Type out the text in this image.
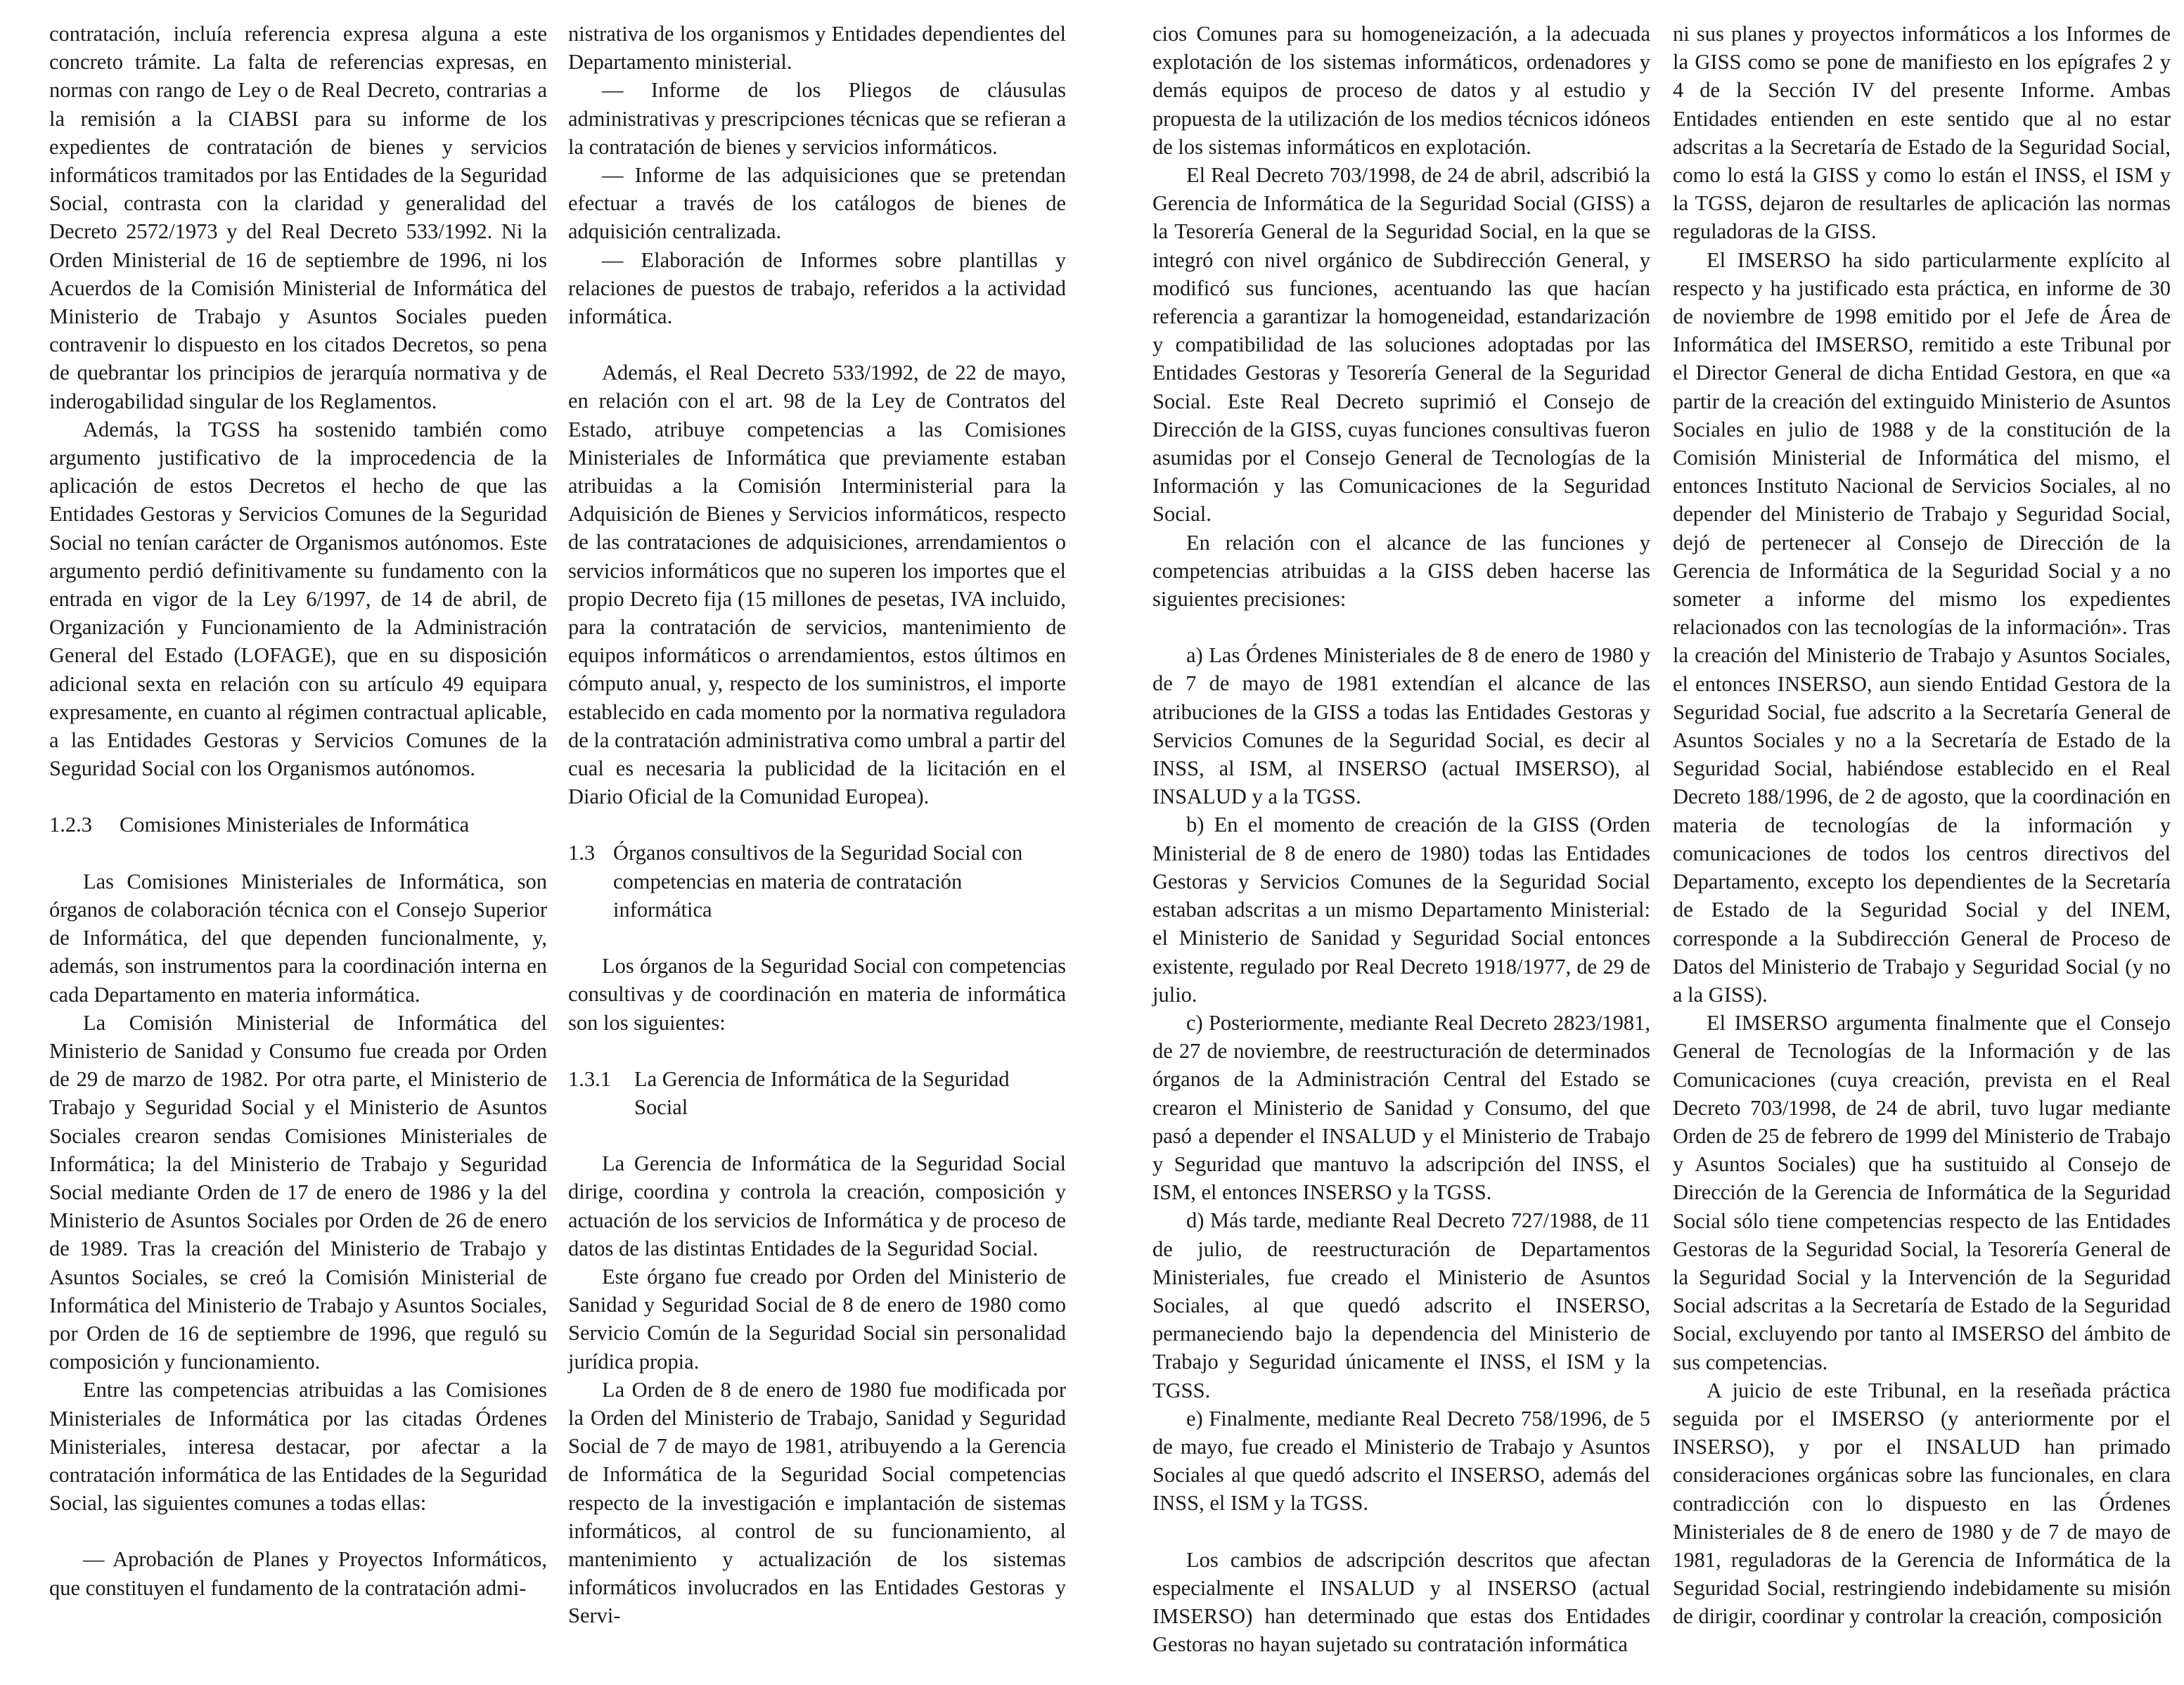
contratación, incluía referencia expresa alguna a este concreto trámite. La falta de referencias expresas, en normas con rango de Ley o de Real Decreto, contrarias a la remisión a la CIABSI para su informe de los expedientes de contratación de bienes y servicios informáticos tramitados por las Entidades de la Seguridad Social, contrasta con la claridad y generalidad del Decreto 2572/1973 y del Real Decreto 533/1992. Ni la Orden Ministerial de 16 de septiembre de 1996, ni los Acuerdos de la Comisión Ministerial de Informática del Ministerio de Trabajo y Asuntos Sociales pueden contravenir lo dispuesto en los citados Decretos, so pena de quebrantar los principios de jerarquía normativa y de inderogabilidad singular de los Reglamentos.

Además, la TGSS ha sostenido también como argumento justificativo de la improcedencia de la aplicación de estos Decretos el hecho de que las Entidades Gestoras y Servicios Comunes de la Seguridad Social no tenían carácter de Organismos autónomos. Este argumento perdió definitivamente su fundamento con la entrada en vigor de la Ley 6/1997, de 14 de abril, de Organización y Funcionamiento de la Administración General del Estado (LOFAGE), que en su disposición adicional sexta en relación con su artículo 49 equipara expresamente, en cuanto al régimen contractual aplicable, a las Entidades Gestoras y Servicios Comunes de la Seguridad Social con los Organismos autónomos.

1.2.3	Comisiones Ministeriales de Informática

Las Comisiones Ministeriales de Informática, son órganos de colaboración técnica con el Consejo Superior de Informática, del que dependen funcionalmente, y, además, son instrumentos para la coordinación interna en cada Departamento en materia informática.

La Comisión Ministerial de Informática del Ministerio de Sanidad y Consumo fue creada por Orden de 29 de marzo de 1982. Por otra parte, el Ministerio de Trabajo y Seguridad Social y el Ministerio de Asuntos Sociales crearon sendas Comisiones Ministeriales de Informática; la del Ministerio de Trabajo y Seguridad Social mediante Orden de 17 de enero de 1986 y la del Ministerio de Asuntos Sociales por Orden de 26 de enero de 1989. Tras la creación del Ministerio de Trabajo y Asuntos Sociales, se creó la Comisión Ministerial de Informática del Ministerio de Trabajo y Asuntos Sociales, por Orden de 16 de septiembre de 1996, que reguló su composición y funcionamiento.

Entre las competencias atribuidas a las Comisiones Ministeriales de Informática por las citadas Órdenes Ministeriales, interesa destacar, por afectar a la contratación informática de las Entidades de la Seguridad Social, las siguientes comunes a todas ellas:

— Aprobación de Planes y Proyectos Informáticos, que constituyen el fundamento de la contratación admi-

nistrativa de los organismos y Entidades dependientes del Departamento ministerial.

— Informe de los Pliegos de cláusulas administrativas y prescripciones técnicas que se refieran a la contratación de bienes y servicios informáticos.

— Informe de las adquisiciones que se pretendan efectuar a través de los catálogos de bienes de adquisición centralizada.

— Elaboración de Informes sobre plantillas y relaciones de puestos de trabajo, referidos a la actividad informática.

Además, el Real Decreto 533/1992, de 22 de mayo, en relación con el art. 98 de la Ley de Contratos del Estado, atribuye competencias a las Comisiones Ministeriales de Informática que previamente estaban atribuidas a la Comisión Interministerial para la Adquisición de Bienes y Servicios informáticos, respecto de las contrataciones de adquisiciones, arrendamientos o servicios informáticos que no superen los importes que el propio Decreto fija (15 millones de pesetas, IVA incluido, para la contratación de servicios, mantenimiento de equipos informáticos o arrendamientos, estos últimos en cómputo anual, y, respecto de los suministros, el importe establecido en cada momento por la normativa reguladora de la contratación administrativa como umbral a partir del cual es necesaria la publicidad de la licitación en el Diario Oficial de la Comunidad Europea).

1.3 Órganos consultivos de la Seguridad Social con competencias en materia de contratación informática

Los órganos de la Seguridad Social con competencias consultivas y de coordinación en materia de informática son los siguientes:

1.3.1	La Gerencia de Informática de la Seguridad Social

La Gerencia de Informática de la Seguridad Social dirige, coordina y controla la creación, composición y actuación de los servicios de Informática y de proceso de datos de las distintas Entidades de la Seguridad Social.

Este órgano fue creado por Orden del Ministerio de Sanidad y Seguridad Social de 8 de enero de 1980 como Servicio Común de la Seguridad Social sin personalidad jurídica propia.

La Orden de 8 de enero de 1980 fue modificada por la Orden del Ministerio de Trabajo, Sanidad y Seguridad Social de 7 de mayo de 1981, atribuyendo a la Gerencia de Informática de la Seguridad Social competencias respecto de la investigación e implantación de sistemas informáticos, al control de su funcionamiento, al mantenimiento y actualización de los sistemas informáticos involucrados en las Entidades Gestoras y Servi-

cios Comunes para su homogeneización, a la adecuada explotación de los sistemas informáticos, ordenadores y demás equipos de proceso de datos y al estudio y propuesta de la utilización de los medios técnicos idóneos de los sistemas informáticos en explotación.

El Real Decreto 703/1998, de 24 de abril, adscribió la Gerencia de Informática de la Seguridad Social (GISS) a la Tesorería General de la Seguridad Social, en la que se integró con nivel orgánico de Subdirección General, y modificó sus funciones, acentuando las que hacían referencia a garantizar la homogeneidad, estandarización y compatibilidad de las soluciones adoptadas por las Entidades Gestoras y Tesorería General de la Seguridad Social. Este Real Decreto suprimió el Consejo de Dirección de la GISS, cuyas funciones consultivas fueron asumidas por el Consejo General de Tecnologías de la Información y las Comunicaciones de la Seguridad Social.

En relación con el alcance de las funciones y competencias atribuidas a la GISS deben hacerse las siguientes precisiones:

a) Las Órdenes Ministeriales de 8 de enero de 1980 y de 7 de mayo de 1981 extendían el alcance de las atribuciones de la GISS a todas las Entidades Gestoras y Servicios Comunes de la Seguridad Social, es decir al INSS, al ISM, al INSERSO (actual IMSERSO), al INSALUD y a la TGSS.

b) En el momento de creación de la GISS (Orden Ministerial de 8 de enero de 1980) todas las Entidades Gestoras y Servicios Comunes de la Seguridad Social estaban adscritas a un mismo Departamento Ministerial: el Ministerio de Sanidad y Seguridad Social entonces existente, regulado por Real Decreto 1918/1977, de 29 de julio.

c) Posteriormente, mediante Real Decreto 2823/1981, de 27 de noviembre, de reestructuración de determinados órganos de la Administración Central del Estado se crearon el Ministerio de Sanidad y Consumo, del que pasó a depender el INSALUD y el Ministerio de Trabajo y Seguridad que mantuvo la adscripción del INSS, el ISM, el entonces INSERSO y la TGSS.

d) Más tarde, mediante Real Decreto 727/1988, de 11 de julio, de reestructuración de Departamentos Ministeriales, fue creado el Ministerio de Asuntos Sociales, al que quedó adscrito el INSERSO, permaneciendo bajo la dependencia del Ministerio de Trabajo y Seguridad únicamente el INSS, el ISM y la TGSS.

e) Finalmente, mediante Real Decreto 758/1996, de 5 de mayo, fue creado el Ministerio de Trabajo y Asuntos Sociales al que quedó adscrito el INSERSO, además del INSS, el ISM y la TGSS.

Los cambios de adscripción descritos que afectan especialmente el INSALUD y al INSERSO (actual IMSERSO) han determinado que estas dos Entidades Gestoras no hayan sujetado su contratación informática

ni sus planes y proyectos informáticos a los Informes de la GISS como se pone de manifiesto en los epígrafes 2 y 4 de la Sección IV del presente Informe. Ambas Entidades entienden en este sentido que al no estar adscritas a la Secretaría de Estado de la Seguridad Social, como lo está la GISS y como lo están el INSS, el ISM y la TGSS, dejaron de resultarles de aplicación las normas reguladoras de la GISS.

El IMSERSO ha sido particularmente explícito al respecto y ha justificado esta práctica, en informe de 30 de noviembre de 1998 emitido por el Jefe de Área de Informática del IMSERSO, remitido a este Tribunal por el Director General de dicha Entidad Gestora, en que «a partir de la creación del extinguido Ministerio de Asuntos Sociales en julio de 1988 y de la constitución de la Comisión Ministerial de Informática del mismo, el entonces Instituto Nacional de Servicios Sociales, al no depender del Ministerio de Trabajo y Seguridad Social, dejó de pertenecer al Consejo de Dirección de la Gerencia de Informática de la Seguridad Social y a no someter a informe del mismo los expedientes relacionados con las tecnologías de la información». Tras la creación del Ministerio de Trabajo y Asuntos Sociales, el entonces INSERSO, aun siendo Entidad Gestora de la Seguridad Social, fue adscrito a la Secretaría General de Asuntos Sociales y no a la Secretaría de Estado de la Seguridad Social, habiéndose establecido en el Real Decreto 188/1996, de 2 de agosto, que la coordinación en materia de tecnologías de la información y comunicaciones de todos los centros directivos del Departamento, excepto los dependientes de la Secretaría de Estado de la Seguridad Social y del INEM, corresponde a la Subdirección General de Proceso de Datos del Ministerio de Trabajo y Seguridad Social (y no a la GISS).

El IMSERSO argumenta finalmente que el Consejo General de Tecnologías de la Información y de las Comunicaciones (cuya creación, prevista en el Real Decreto 703/1998, de 24 de abril, tuvo lugar mediante Orden de 25 de febrero de 1999 del Ministerio de Trabajo y Asuntos Sociales) que ha sustituido al Consejo de Dirección de la Gerencia de Informática de la Seguridad Social sólo tiene competencias respecto de las Entidades Gestoras de la Seguridad Social, la Tesorería General de la Seguridad Social y la Intervención de la Seguridad Social adscritas a la Secretaría de Estado de la Seguridad Social, excluyendo por tanto al IMSERSO del ámbito de sus competencias.

A juicio de este Tribunal, en la reseñada práctica seguida por el IMSERSO (y anteriormente por el INSERSO), y por el INSALUD han primado consideraciones orgánicas sobre las funcionales, en clara contradicción con lo dispuesto en las Órdenes Ministeriales de 8 de enero de 1980 y de 7 de mayo de 1981, reguladoras de la Gerencia de Informática de la Seguridad Social, restringiendo indebidamente su misión de dirigir, coordinar y controlar la creación, composición
